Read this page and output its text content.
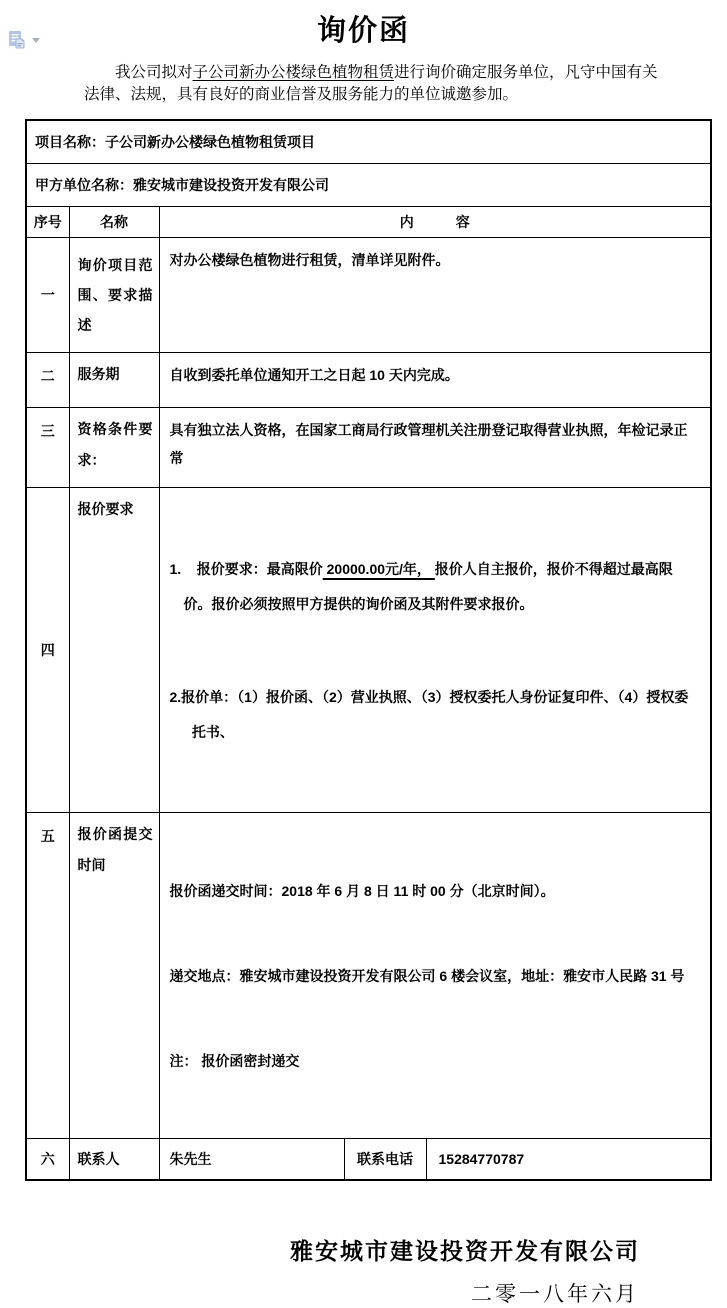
询价函

我公司拟对子公司新办公楼绿色植物租赁进行询价确定服务单位，凡守中国有关法律、法规，具有良好的商业信誉及服务能力的单位诚邀参加。

项目名称：子公司新办公楼绿色植物租赁项目				
甲方单位名称：雅安城市建设投资开发有限公司				
序号	名称	内容		
一	询价项目范围、要求描述	对办公楼绿色植物进行租赁，清单详见附件。		
二	服务期	自收到委托单位通知开工之日起 10 天内完成。		
三	资格条件要求：	具有独立法人资格，在国家工商局行政管理机关注册登记取得营业执照，年检记录正常		
四	报价要求	1.    报价要求：最高限价 20000.00元/年， 报价人自主报价，报价不得超过最高限价。报价必须按照甲方提供的询价函及其附件要求报价。

2.报价单：（1）报价函、（2）营业执照、（3）授权委托人身份证复印件、（4）授权委托书、		

五	报价函提交时间	报价函递交时间：2018 年 6 月 8 日 11 时 00 分（北京时间）。

递交地点：雅安城市建设投资开发有限公司 6 楼会议室，地址：雅安市人民路 31 号

注： 报价函密封递交		

六	联系人	朱先生	联系电话	15284770787
雅安城市建设投资开发有限公司
二零一八年六月
